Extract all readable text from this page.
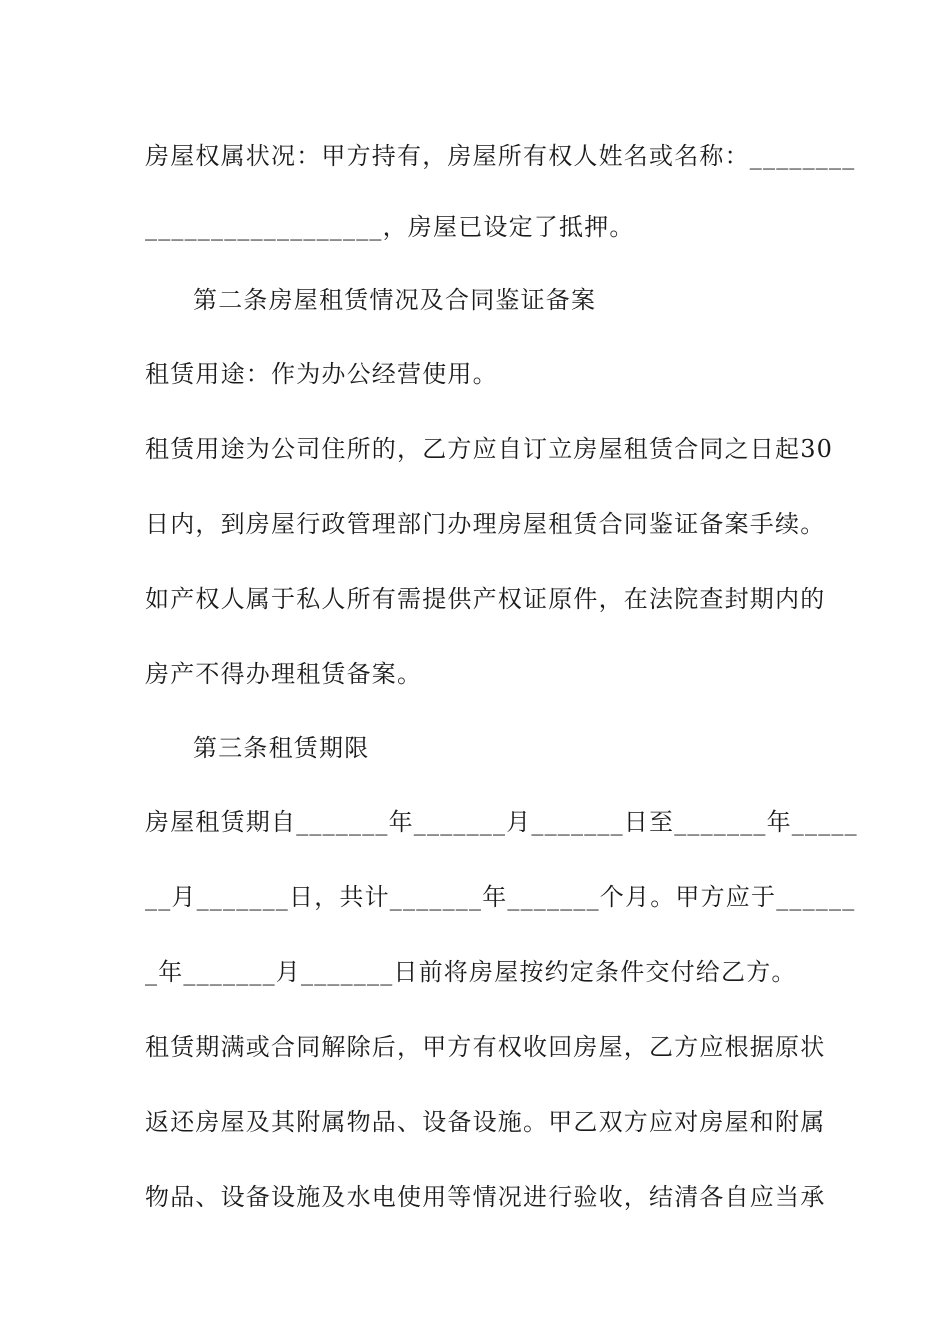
房屋权属状况：甲方持有，房屋所有权人姓名或名称：________
__________________，房屋已设定了抵押。
第二条房屋租赁情况及合同鉴证备案
租赁用途：作为办公经营使用。
租赁用途为公司住所的，乙方应自订立房屋租赁合同之日起30
日内，到房屋行政管理部门办理房屋租赁合同鉴证备案手续。
如产权人属于私人所有需提供产权证原件，在法院查封期内的
房产不得办理租赁备案。
第三条租赁期限
房屋租赁期自_______年_______月_______日至_______年_____
__月_______日，共计_______年_______个月。甲方应于______
_年_______月_______日前将房屋按约定条件交付给乙方。
租赁期满或合同解除后，甲方有权收回房屋，乙方应根据原状
返还房屋及其附属物品、设备设施。甲乙双方应对房屋和附属
物品、设备设施及水电使用等情况进行验收，结清各自应当承
